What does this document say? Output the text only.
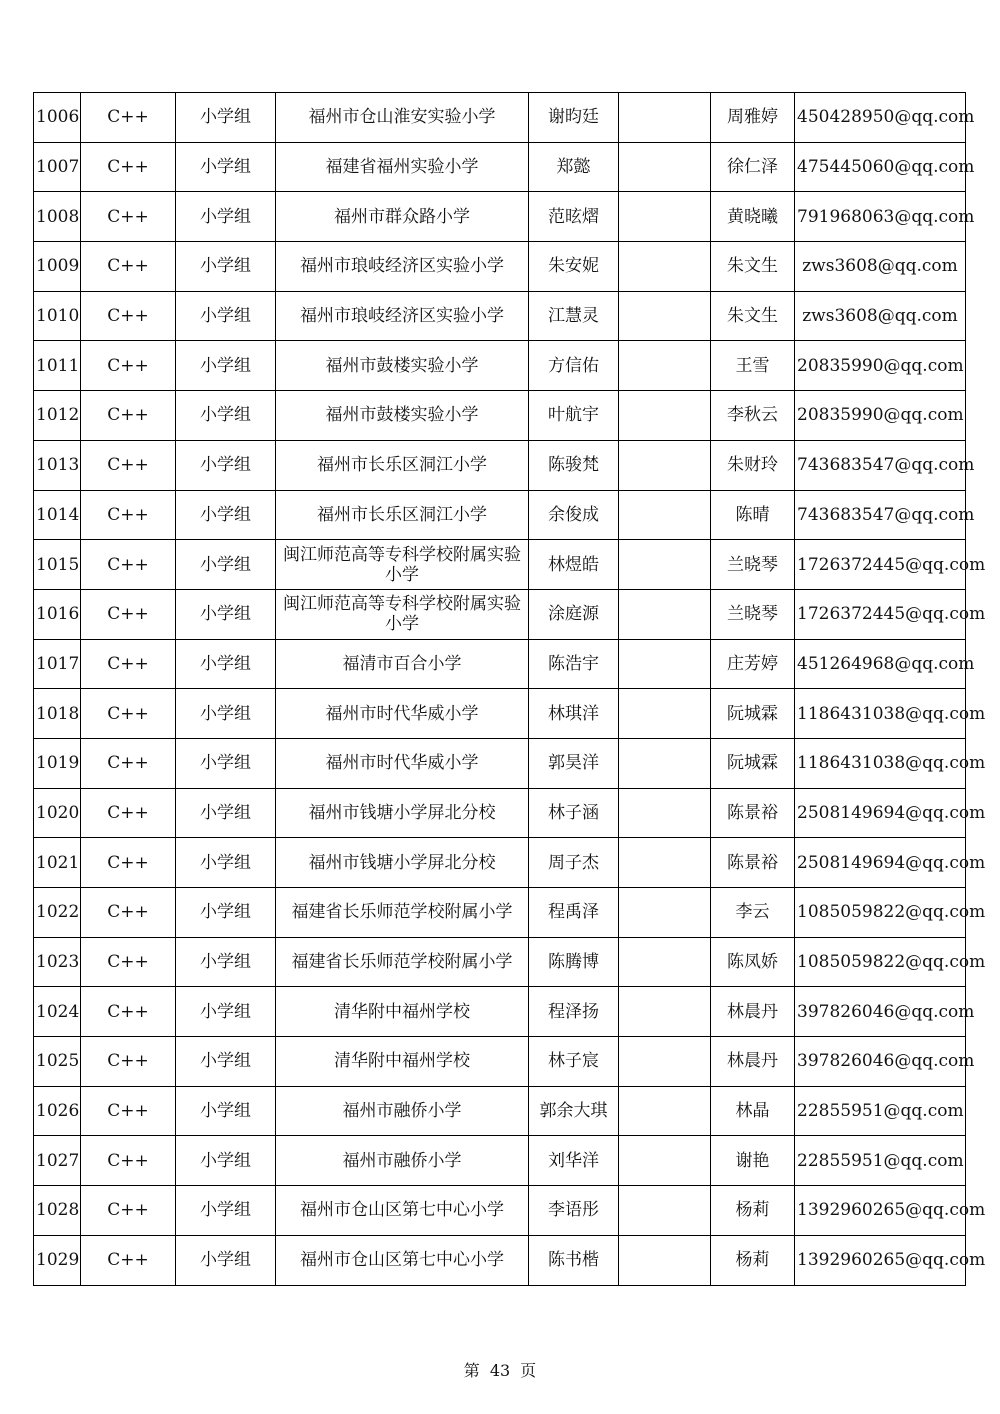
1006	C++	小学组	福州市仓山淮安实验小学	谢昀廷		周雅婷	450428950@qq.com
1007	C++	小学组	福建省福州实验小学	郑懿		徐仁泽	475445060@qq.com
1008	C++	小学组	福州市群众路小学	范昡熠		黄晓曦	791968063@qq.com
1009	C++	小学组	福州市琅岐经济区实验小学	朱安妮		朱文生	zws3608@qq.com
1010	C++	小学组	福州市琅岐经济区实验小学	江慧灵		朱文生	zws3608@qq.com
1011	C++	小学组	福州市鼓楼实验小学	方信佑		王雪	20835990@qq.com
1012	C++	小学组	福州市鼓楼实验小学	叶航宇		李秋云	20835990@qq.com
1013	C++	小学组	福州市长乐区洞江小学	陈骏梵		朱财玲	743683547@qq.com
1014	C++	小学组	福州市长乐区洞江小学	余俊成		陈晴	743683547@qq.com
1015	C++	小学组	闽江师范高等专科学校附属实验小学	林煜皓		兰晓琴	1726372445@qq.com
1016	C++	小学组	闽江师范高等专科学校附属实验小学	涂庭源		兰晓琴	1726372445@qq.com
1017	C++	小学组	福清市百合小学	陈浩宇		庄芳婷	451264968@qq.com
1018	C++	小学组	福州市时代华威小学	林琪洋		阮城霖	1186431038@qq.com
1019	C++	小学组	福州市时代华威小学	郭昊洋		阮城霖	1186431038@qq.com
1020	C++	小学组	福州市钱塘小学屏北分校	林子涵		陈景裕	2508149694@qq.com
1021	C++	小学组	福州市钱塘小学屏北分校	周子杰		陈景裕	2508149694@qq.com
1022	C++	小学组	福建省长乐师范学校附属小学	程禹泽		李云	1085059822@qq.com
1023	C++	小学组	福建省长乐师范学校附属小学	陈腾博		陈凤娇	1085059822@qq.com
1024	C++	小学组	清华附中福州学校	程泽扬		林晨丹	397826046@qq.com
1025	C++	小学组	清华附中福州学校	林子宸		林晨丹	397826046@qq.com
1026	C++	小学组	福州市融侨小学	郭余大琪		林晶	22855951@qq.com
1027	C++	小学组	福州市融侨小学	刘华洋		谢艳	22855951@qq.com
1028	C++	小学组	福州市仓山区第七中心小学	李语彤		杨莉	1392960265@qq.com
1029	C++	小学组	福州市仓山区第七中心小学	陈书楷		杨莉	1392960265@qq.com
第 43 页
